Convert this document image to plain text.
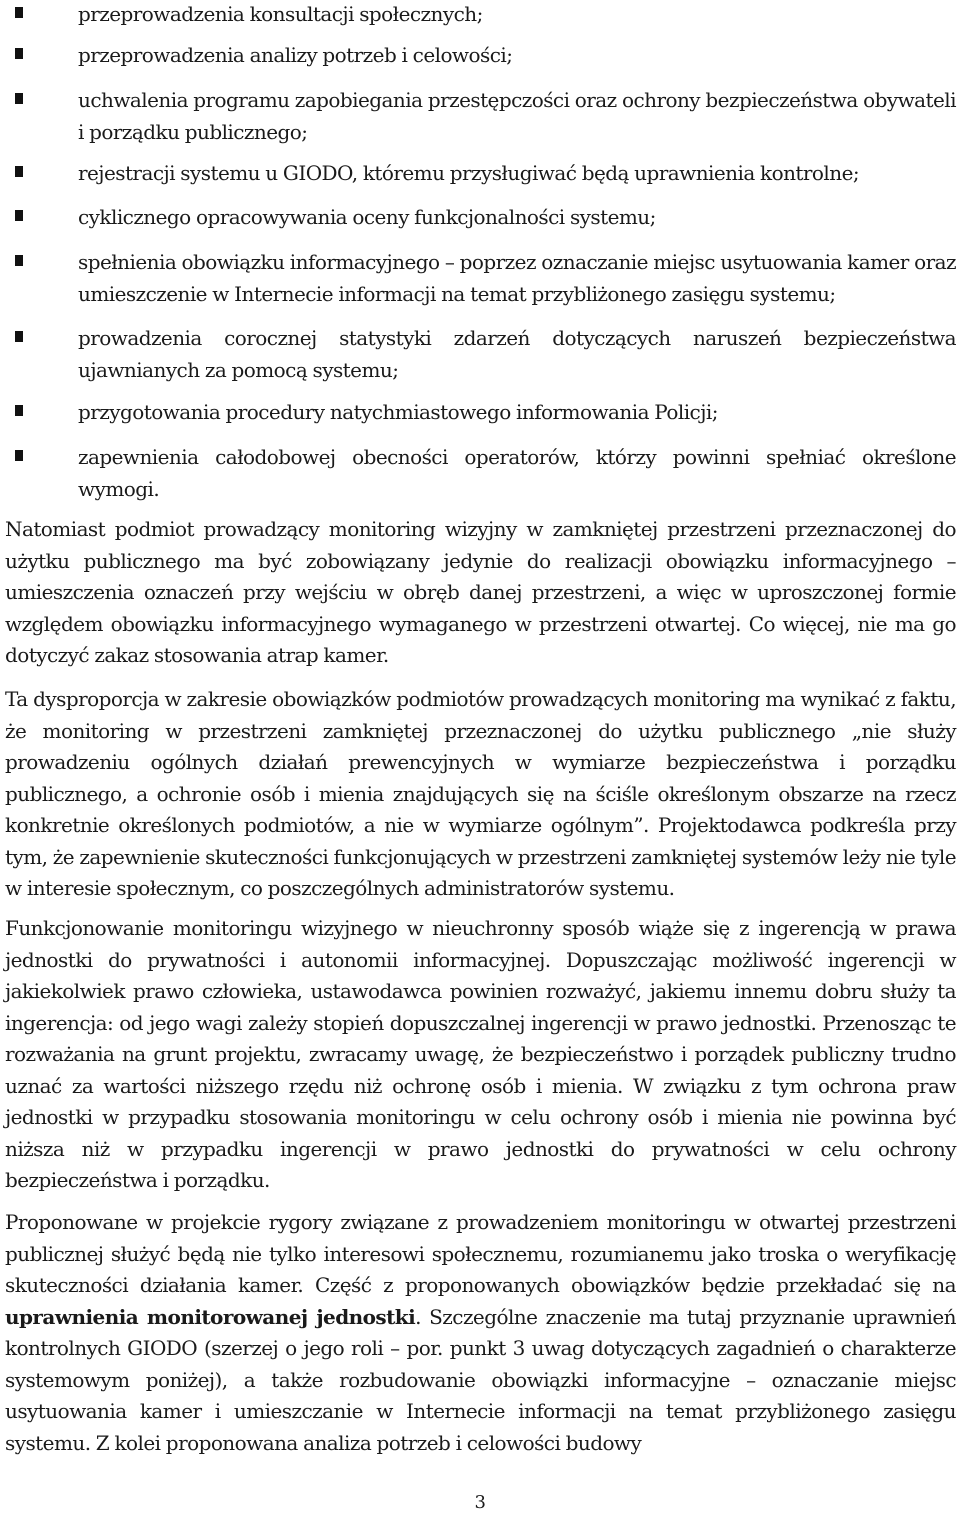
przeprowadzenia konsultacji społecznych;
przeprowadzenia analizy potrzeb i celowości;
uchwalenia programu zapobiegania przestępczości oraz ochrony bezpieczeństwa obywateli i porządku publicznego;
rejestracji systemu u GIODO, któremu przysługiwać będą uprawnienia kontrolne;
cyklicznego opracowywania oceny funkcjonalności systemu;
spełnienia obowiązku informacyjnego – poprzez oznaczanie miejsc usytuowania kamer oraz umieszczenie w Internecie informacji na temat przybliżonego zasięgu systemu;
prowadzenia corocznej statystyki zdarzeń dotyczących naruszeń bezpieczeństwa ujawnianych za pomocą systemu;
przygotowania procedury natychmiastowego informowania Policji;
zapewnienia całodobowej obecności operatorów, którzy powinni spełniać określone wymogi.

Natomiast podmiot prowadzący monitoring wizyjny w zamkniętej przestrzeni przeznaczonej do użytku publicznego ma być zobowiązany jedynie do realizacji obowiązku informacyjnego – umieszczenia oznaczeń przy wejściu w obręb danej przestrzeni, a więc w uproszczonej formie względem obowiązku informacyjnego wymaganego w przestrzeni otwartej. Co więcej, nie ma go dotyczyć zakaz stosowania atrap kamer.

Ta dysproporcja w zakresie obowiązków podmiotów prowadzących monitoring ma wynikać z faktu, że monitoring w przestrzeni zamkniętej przeznaczonej do użytku publicznego „nie służy prowadzeniu ogólnych działań prewencyjnych w wymiarze bezpieczeństwa i porządku publicznego, a ochronie osób i mienia znajdujących się na ściśle określonym obszarze na rzecz konkretnie określonych podmiotów, a nie w wymiarze ogólnym”. Projektodawca podkreśla przy tym, że zapewnienie skuteczności funkcjonujących w przestrzeni zamkniętej systemów leży nie tyle w interesie społecznym, co poszczególnych administratorów systemu.

Funkcjonowanie monitoringu wizyjnego w nieuchronny sposób wiąże się z ingerencją w prawa jednostki do prywatności i autonomii informacyjnej. Dopuszczając możliwość ingerencji w jakiekolwiek prawo człowieka, ustawodawca powinien rozważyć, jakiemu innemu dobru służy ta ingerencja: od jego wagi zależy stopień dopuszczalnej ingerencji w prawo jednostki. Przenosząc te rozważania na grunt projektu, zwracamy uwagę, że bezpieczeństwo i porządek publiczny trudno uznać za wartości niższego rzędu niż ochronę osób i mienia. W związku z tym ochrona praw jednostki w przypadku stosowania monitoringu w celu ochrony osób i mienia nie powinna być niższa niż w przypadku ingerencji w prawo jednostki do prywatności w celu ochrony bezpieczeństwa i porządku.

Proponowane w projekcie rygory związane z prowadzeniem monitoringu w otwartej przestrzeni publicznej służyć będą nie tylko interesowi społecznemu, rozumianemu jako troska o weryfikację skuteczności działania kamer. Część z proponowanych obowiązków będzie przekładać się na uprawnienia monitorowanej jednostki. Szczególne znaczenie ma tutaj przyznanie uprawnień kontrolnych GIODO (szerzej o jego roli – por. punkt 3 uwag dotyczących zagadnień o charakterze systemowym poniżej), a także rozbudowanie obowiązki informacyjne – oznaczanie miejsc usytuowania kamer i umieszczanie w Internecie informacji na temat przybliżonego zasięgu systemu. Z kolei proponowana analiza potrzeb i celowości budowy

3
